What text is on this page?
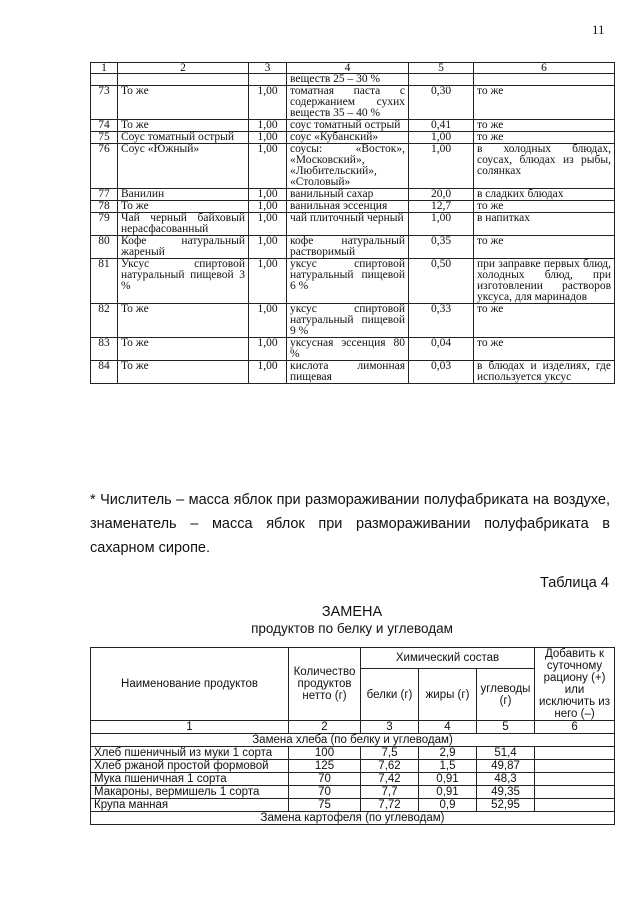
11
1	2	3	4	5	6
			веществ 25 – 30 %		
73	То же	1,00	томатная паста с содержанием сухих веществ 35 – 40 %	0,30	то же
74	То же	1,00	соус томатный острый	0,41	то же
75	Соус томатный острый	1,00	соус «Кубанский»	1,00	то же
76	Соус «Южный»	1,00	соусы: «Восток», «Московский», «Любительский», «Столовый»	1,00	в холодных блюдах, соусах, блюдах из рыбы, солянках
77	Ванилин	1,00	ванильный сахар	20,0	в сладких блюдах
78	То же	1,00	ванильная эссенция	12,7	то же
79	Чай черный байховый нерасфасованный	1,00	чай плиточный черный	1,00	в напитках
80	Кофе натуральный жареный	1,00	кофе натуральный растворимый	0,35	то же
81	Уксус спиртовой натуральный пищевой 3 %	1,00	уксус спиртовой натуральный пищевой 6 %	0,50	при заправке первых блюд, холодных блюд, при изготовлении растворов уксуса, для маринадов
82	То же	1,00	уксус спиртовой натуральный пищевой 9 %	0,33	то же
83	То же	1,00	уксусная эссенция 80 %	0,04	то же
84	То же	1,00	кислота лимонная пищевая	0,03	в блюдах и изделиях, где используется уксус
* Числитель – масса яблок при размораживании полуфабриката на воздухе, знаменатель – масса яблок при размораживании полуфабриката в сахарном сиропе.
Таблица 4
ЗАМЕНА
продуктов по белку и углеводам
Наименование продуктов	Количество продуктов нетто (г)	Химический состав			Добавить к суточному рациону (+) или исключить из него (–)
		белки (г)	жиры (г)	углеводы (г)	
1	2	3	4	5	6
Замена хлеба (по белку и углеводам)					
Хлеб пшеничный из муки 1 сорта	100	7,5	2,9	51,4	
Хлеб ржаной простой формовой	125	7,62	1,5	49,87	
Мука пшеничная 1 сорта	70	7,42	0,91	48,3	
Макароны, вермишель 1 сорта	70	7,7	0,91	49,35	
Крупа манная	75	7,72	0,9	52,95	
Замена картофеля (по углеводам)					
